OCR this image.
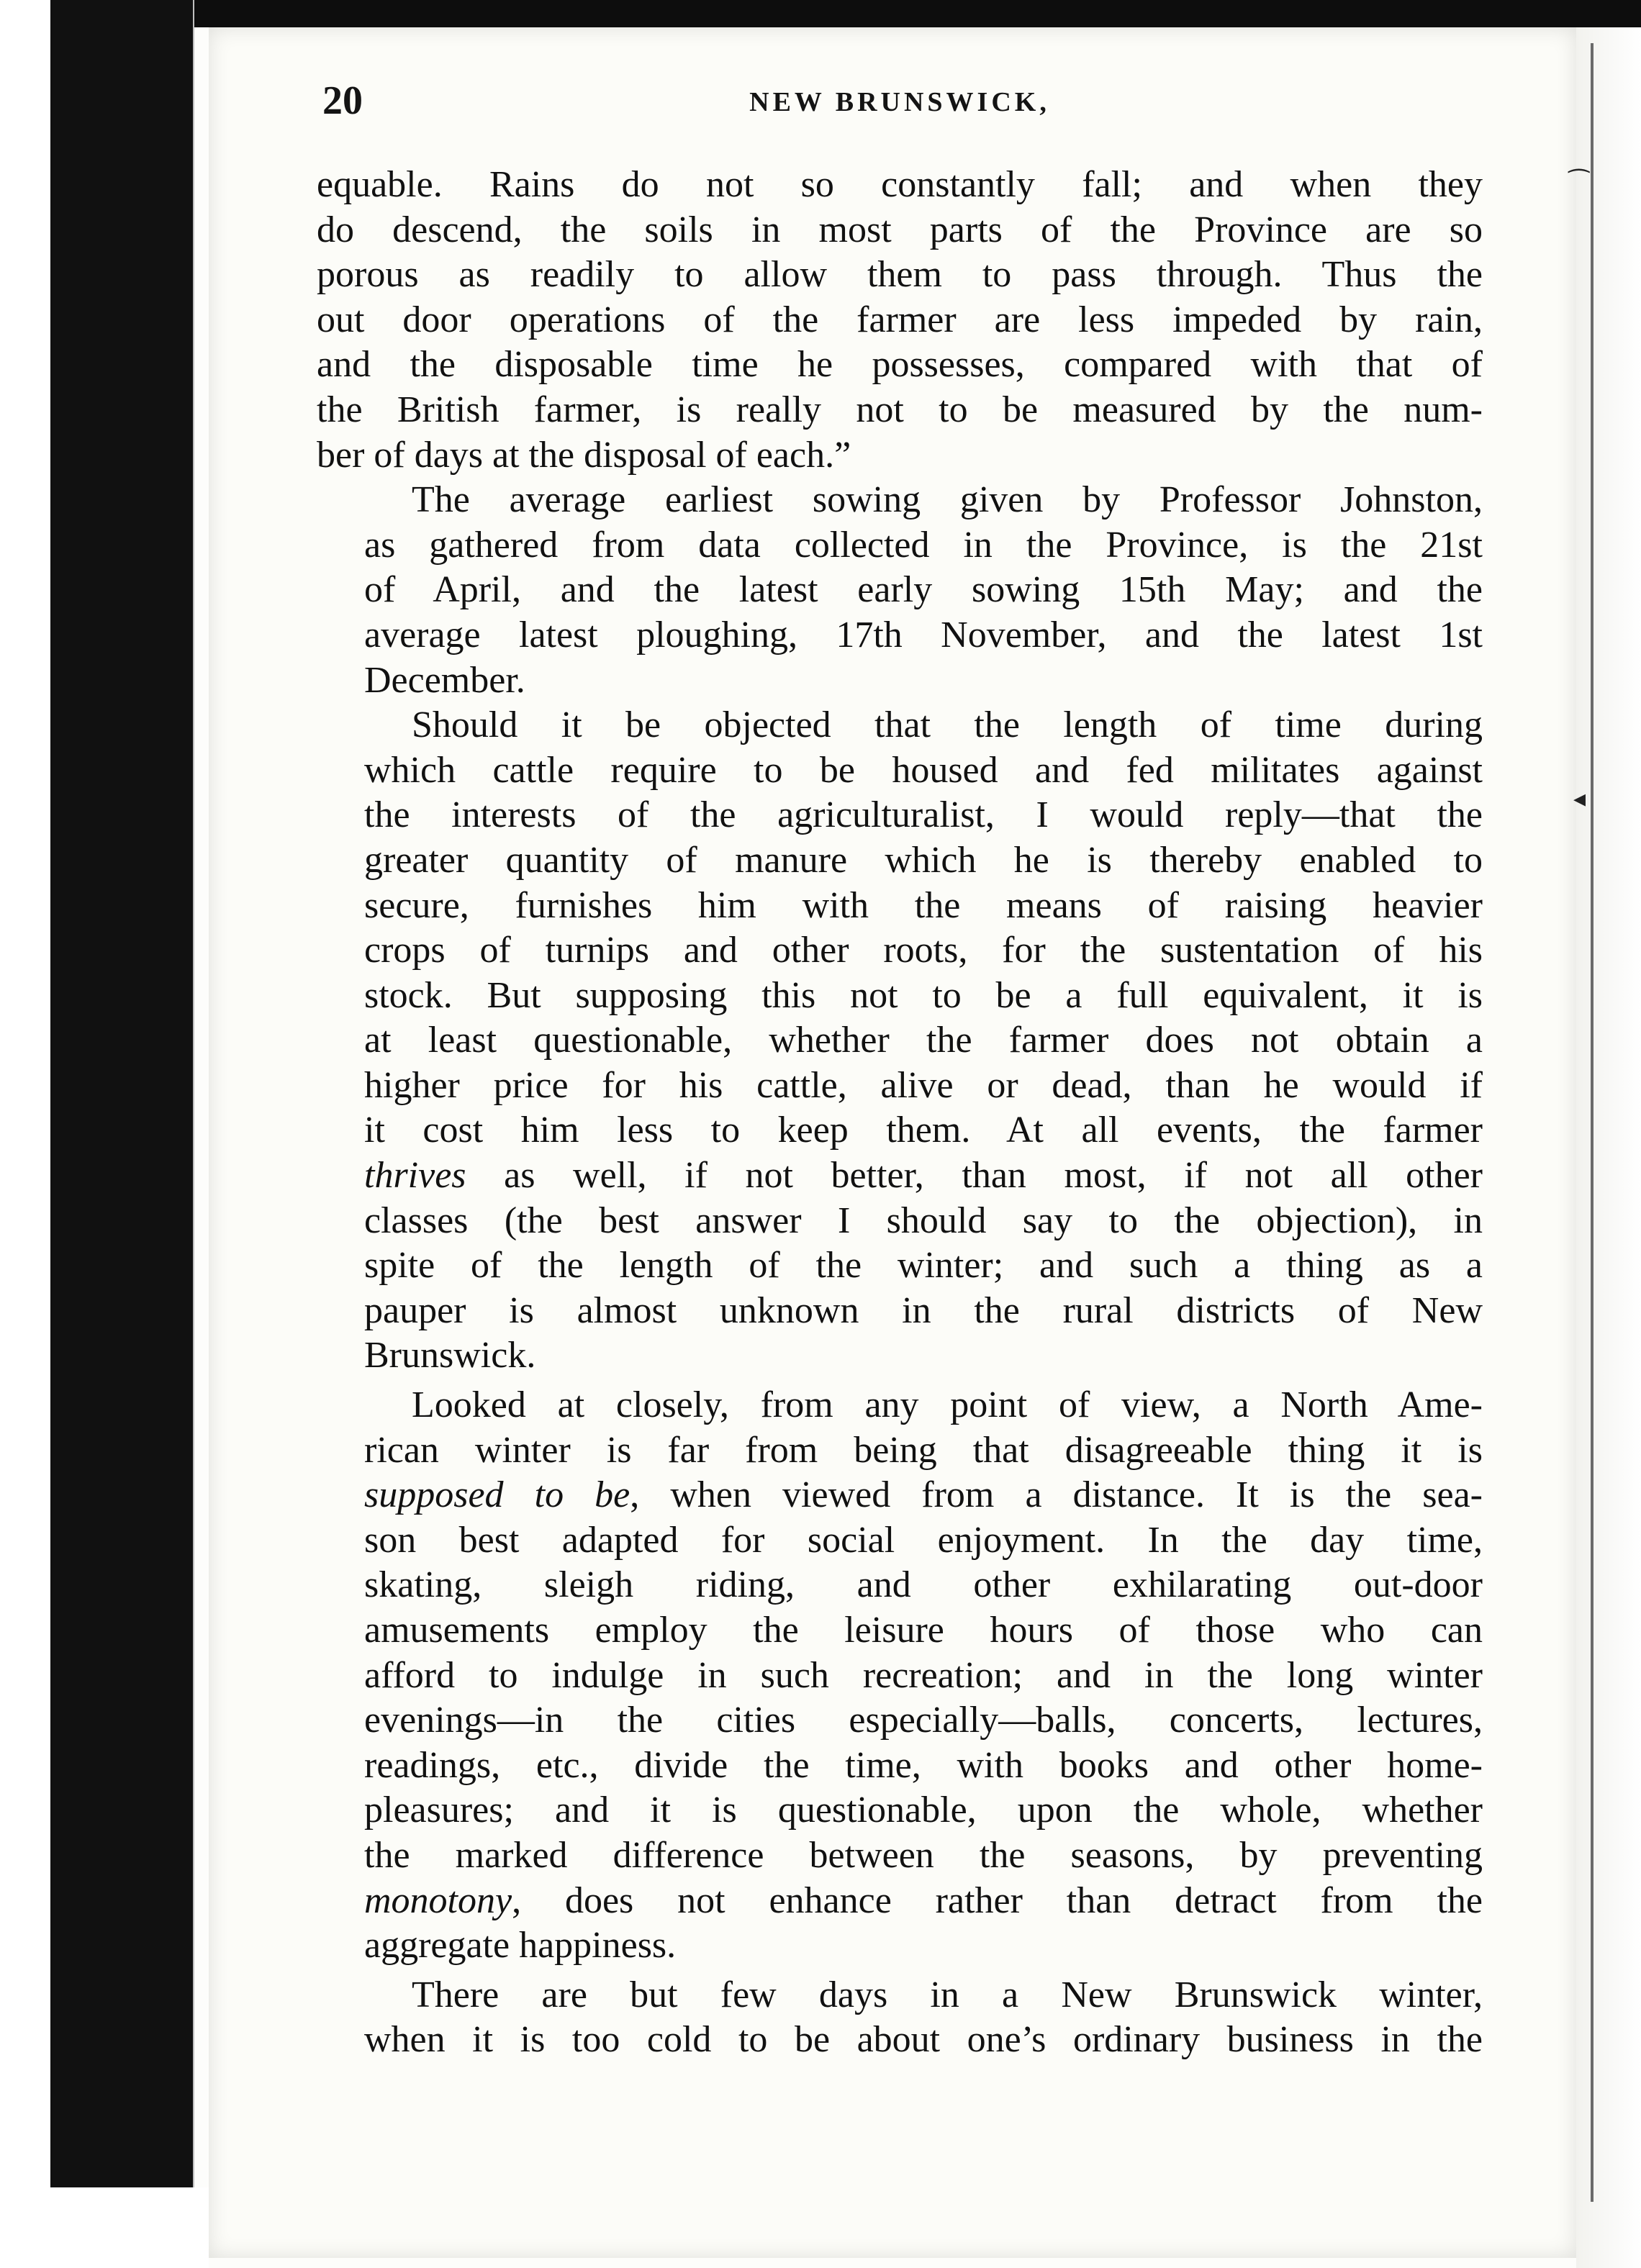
⁀
◂
20	NEW BRUNSWICK,

equable. Rains do not so constantly fall; and when they
do descend, the soils in most parts of the Province are so
porous as readily to allow them to pass through. Thus the
out door operations of the farmer are less impeded by rain,
and the disposable time he possesses, compared with that of
the British farmer, is really not to be measured by the num-
ber of days at the disposal of each.”

The average earliest sowing given by Professor Johnston,
as gathered from data collected in the Province, is the 21st
of April, and the latest early sowing 15th May; and the
average latest ploughing, 17th November, and the latest 1st
December.

Should it be objected that the length of time during
which cattle require to be housed and fed militates against
the interests of the agriculturalist, I would reply—that the
greater quantity of manure which he is thereby enabled to
secure, furnishes him with the means of raising heavier
crops of turnips and other roots, for the sustentation of his
stock. But supposing this not to be a full equivalent, it is
at least questionable, whether the farmer does not obtain a
higher price for his cattle, alive or dead, than he would if
it cost him less to keep them. At all events, the farmer
thrives as well, if not better, than most, if not all other
classes (the best answer I should say to the objection), in
spite of the length of the winter; and such a thing as a
pauper is almost unknown in the rural districts of New
Brunswick.

Looked at closely, from any point of view, a North Ame-
rican winter is far from being that disagreeable thing it is
supposed to be, when viewed from a distance. It is the sea-
son best adapted for social enjoyment. In the day time,
skating, sleigh riding, and other exhilarating out-door
amusements employ the leisure hours of those who can
afford to indulge in such recreation; and in the long winter
evenings—in the cities especially—balls, concerts, lectures,
readings, etc., divide the time, with books and other home-
pleasures; and it is questionable, upon the whole, whether
the marked difference between the seasons, by preventing
monotony, does not enhance rather than detract from the
aggregate happiness.

There are but few days in a New Brunswick winter,
when it is too cold to be about one’s ordinary business in the
